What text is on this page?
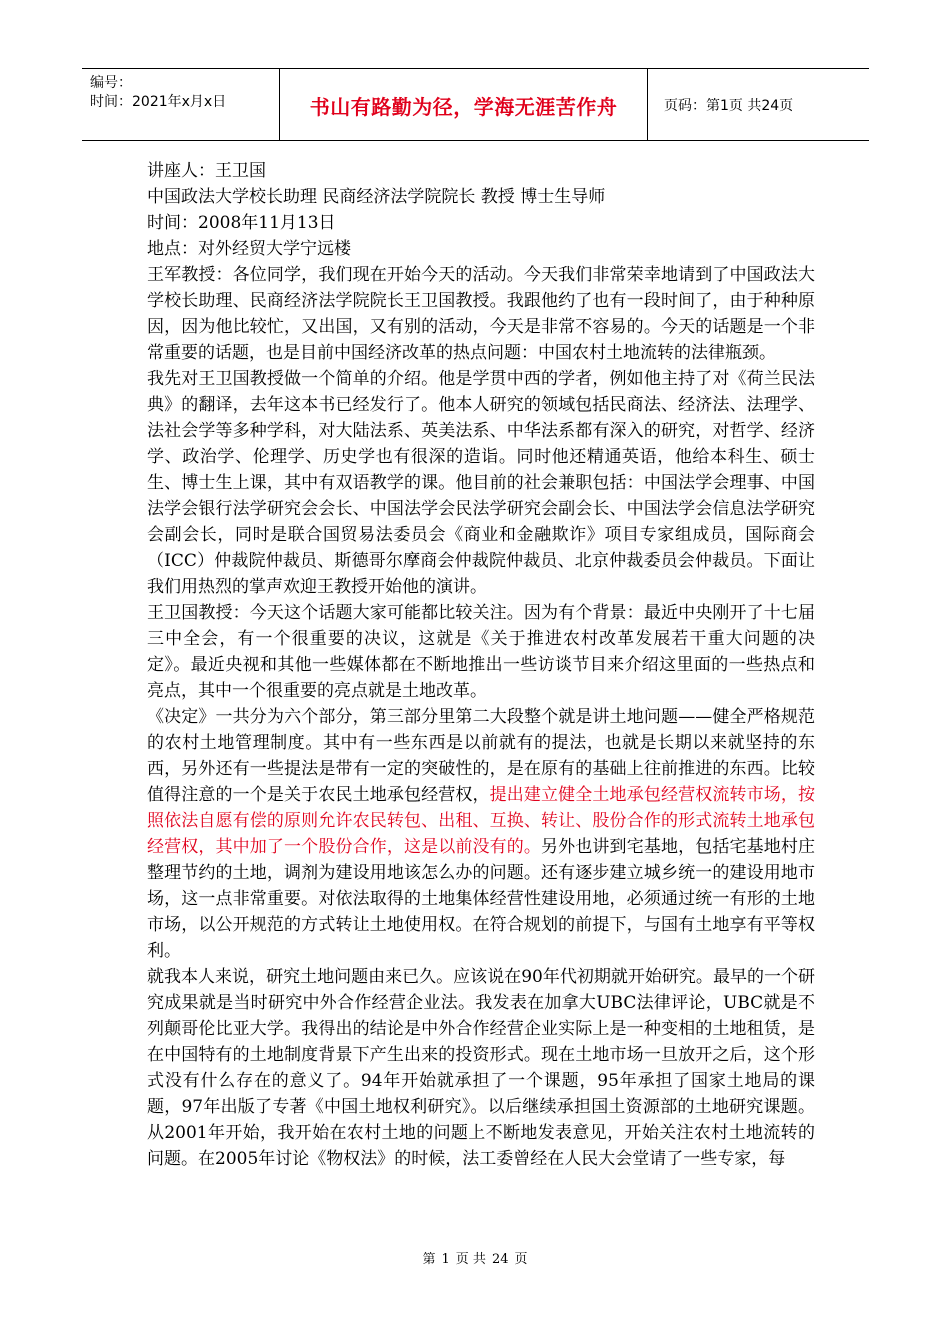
编号：
时间：2021年x月x日	书山有路勤为径，学海无涯苦作舟	页码：第1页 共24页

讲座人：王卫国

中国政法大学校长助理 民商经济法学院院长 教授 博士生导师

时间：2008年11月13日

地点：对外经贸大学宁远楼

王军教授：各位同学，我们现在开始今天的活动。今天我们非常荣幸地请到了中国政法大学校长助理、民商经济法学院院长王卫国教授。我跟他约了也有一段时间了，由于种种原因，因为他比较忙，又出国，又有别的活动，今天是非常不容易的。今天的话题是一个非常重要的话题，也是目前中国经济改革的热点问题：中国农村土地流转的法律瓶颈。

我先对王卫国教授做一个简单的介绍。他是学贯中西的学者，例如他主持了对《荷兰民法典》的翻译，去年这本书已经发行了。他本人研究的领域包括民商法、经济法、法理学、法社会学等多种学科，对大陆法系、英美法系、中华法系都有深入的研究，对哲学、经济学、政治学、伦理学、历史学也有很深的造诣。同时他还精通英语，他给本科生、硕士生、博士生上课，其中有双语教学的课。他目前的社会兼职包括：中国法学会理事、中国法学会银行法学研究会会长、中国法学会民法学研究会副会长、中国法学会信息法学研究会副会长，同时是联合国贸易法委员会《商业和金融欺诈》项目专家组成员，国际商会（ICC）仲裁院仲裁员、斯德哥尔摩商会仲裁院仲裁员、北京仲裁委员会仲裁员。下面让我们用热烈的掌声欢迎王教授开始他的演讲。

王卫国教授：今天这个话题大家可能都比较关注。因为有个背景：最近中央刚开了十七届三中全会，有一个很重要的决议，这就是《关于推进农村改革发展若干重大问题的决定》。最近央视和其他一些媒体都在不断地推出一些访谈节目来介绍这里面的一些热点和亮点，其中一个很重要的亮点就是土地改革。

《决定》一共分为六个部分，第三部分里第二大段整个就是讲土地问题——健全严格规范的农村土地管理制度。其中有一些东西是以前就有的提法，也就是长期以来就坚持的东西，另外还有一些提法是带有一定的突破性的，是在原有的基础上往前推进的东西。比较值得注意的一个是关于农民土地承包经营权，提出建立健全土地承包经营权流转市场，按照依法自愿有偿的原则允许农民转包、出租、互换、转让、股份合作的形式流转土地承包经营权，其中加了一个股份合作，这是以前没有的。另外也讲到宅基地，包括宅基地村庄整理节约的土地，调剂为建设用地该怎么办的问题。还有逐步建立城乡统一的建设用地市场，这一点非常重要。对依法取得的土地集体经营性建设用地，必须通过统一有形的土地市场，以公开规范的方式转让土地使用权。在符合规划的前提下，与国有土地享有平等权利。

就我本人来说，研究土地问题由来已久。应该说在90年代初期就开始研究。最早的一个研究成果就是当时研究中外合作经营企业法。我发表在加拿大UBC法律评论，UBC就是不列颠哥伦比亚大学。我得出的结论是中外合作经营企业实际上是一种变相的土地租赁，是在中国特有的土地制度背景下产生出来的投资形式。现在土地市场一旦放开之后，这个形式没有什么存在的意义了。94年开始就承担了一个课题，95年承担了国家土地局的课题，97年出版了专著《中国土地权利研究》。以后继续承担国土资源部的土地研究课题。从2001年开始，我开始在农村土地的问题上不断地发表意见，开始关注农村土地流转的问题。在2005年讨论《物权法》的时候，法工委曾经在人民大会堂请了一些专家，每

第 1 页 共 24 页
